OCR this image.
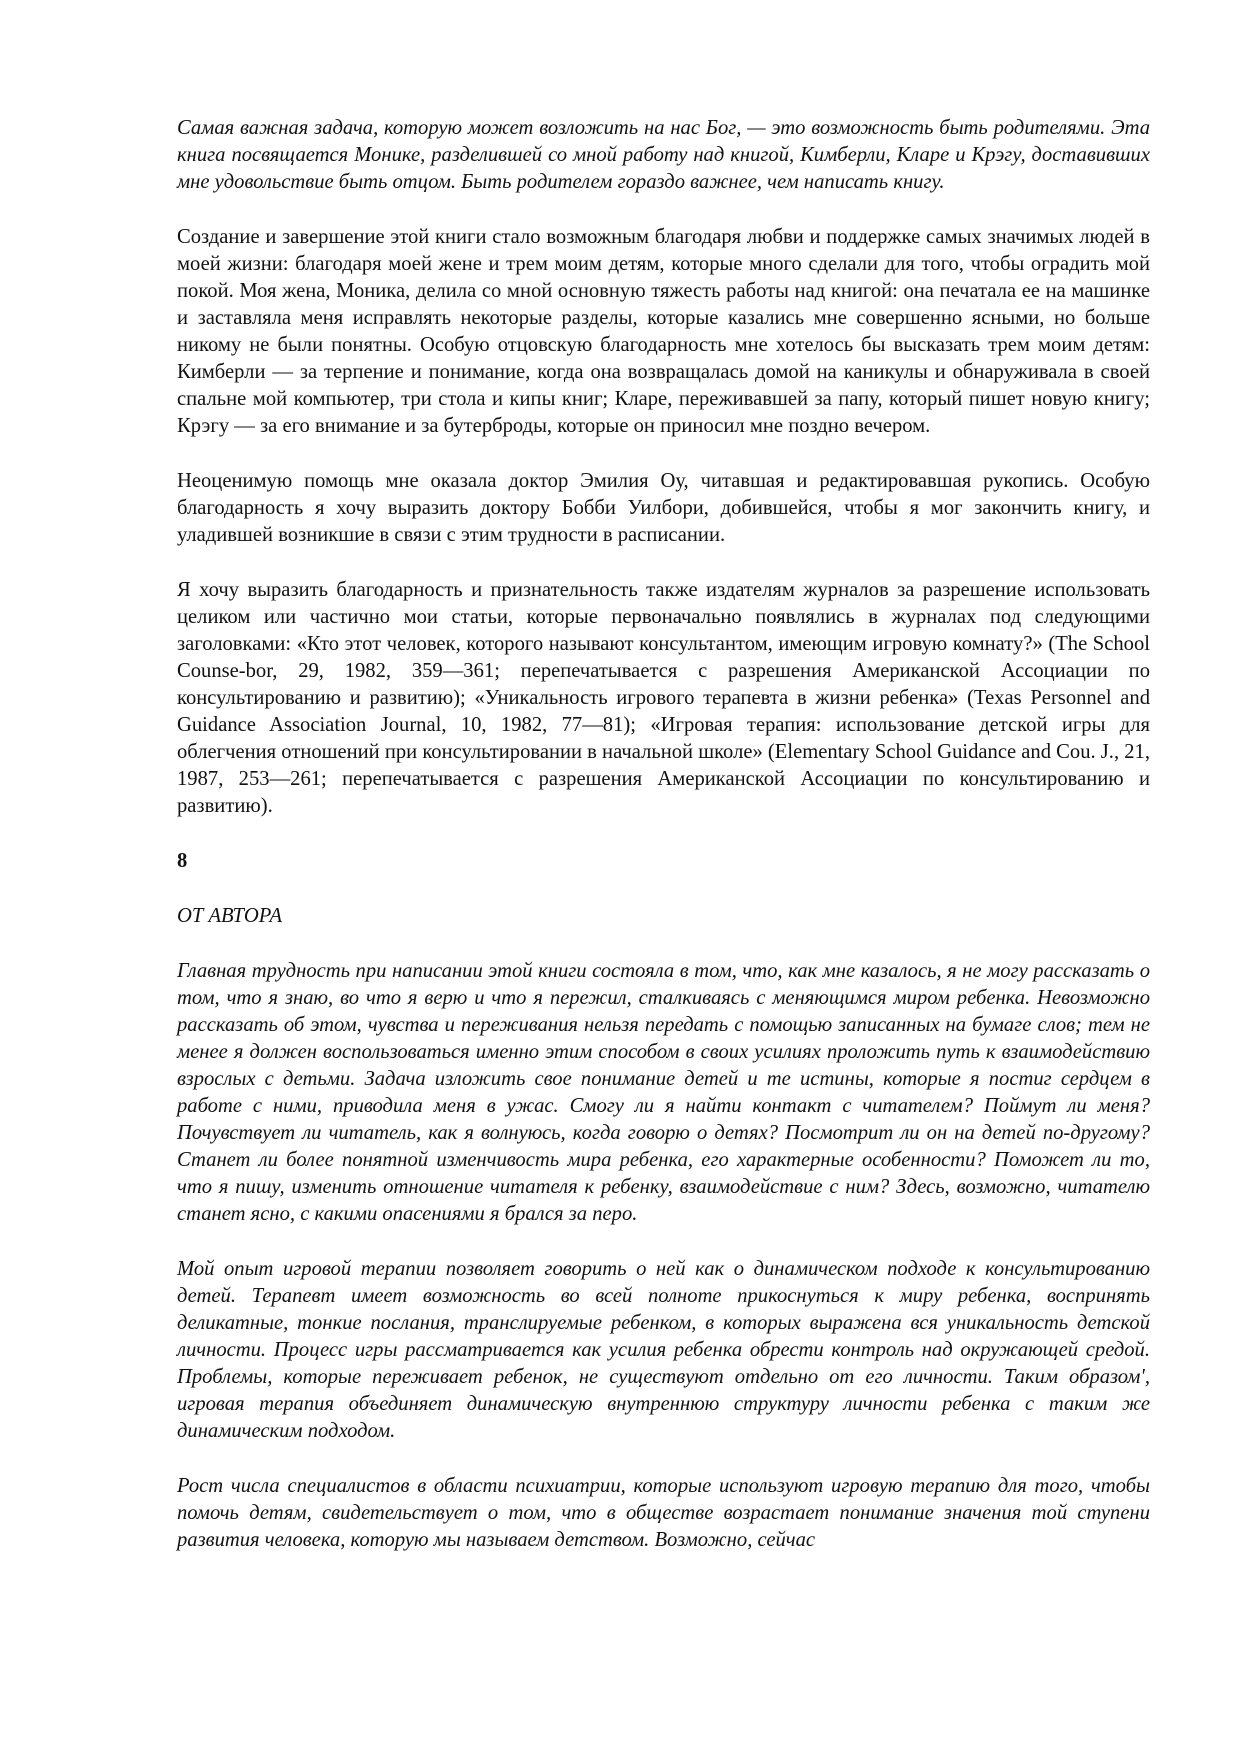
Самая важная задача, которую может возложить на нас Бог, — это возможность быть родителями. Эта книга посвящается Монике, разделившей со мной работу над книгой, Кимберли, Кларе и Крэгу, доставивших мне удовольствие быть отцом. Быть родителем гораздо важнее, чем написать книгу.

Создание и завершение этой книги стало возможным благодаря любви и поддержке самых значимых людей в моей жизни: благодаря моей жене и трем моим детям, которые много сделали для того, чтобы оградить мой покой. Моя жена, Моника, делила со мной основную тяжесть работы над книгой: она печатала ее на машинке и заставляла меня исправлять некоторые разделы, которые казались мне совершенно ясными, но больше никому не были понятны. Особую отцовскую благодарность мне хотелось бы высказать трем моим детям: Кимберли — за терпение и понимание, когда она возвращалась домой на каникулы и обнаруживала в своей спальне мой компьютер, три стола и кипы книг; Кларе, переживавшей за папу, который пишет новую книгу; Крэгу — за его внимание и за бутерброды, которые он приносил мне поздно вечером.

Неоценимую помощь мне оказала доктор Эмилия Оу, читавшая и редактировавшая рукопись. Особую благодарность я хочу выразить доктору Бобби Уилбори, добившейся, чтобы я мог закончить книгу, и уладившей возникшие в связи с этим трудности в расписании.

Я хочу выразить благодарность и признательность также издателям журналов за разрешение использовать целиком или частично мои статьи, которые первоначально появлялись в журналах под следующими заголовками: «Кто этот человек, которого называют консультантом, имеющим игровую комнату?» (The School Counse-bor, 29, 1982, 359—361; перепечатывается с разрешения Американской Ассоциации по консультированию и развитию); «Уникальность игрового терапевта в жизни ребенка» (Texas Personnel and Guidance Association Journal, 10, 1982, 77—81); «Игровая терапия: использование детской игры для облегчения отношений при консультировании в начальной школе» (Elementary School Guidance and Cou. J., 21, 1987, 253—261; перепечатывается с разрешения Американской Ассоциации по консультированию и развитию).

8

ОТ АВТОРА

Главная трудность при написании этой книги состояла в том, что, как мне казалось, я не могу рассказать о том, что я знаю, во что я верю и что я пережил, сталкиваясь с меняющимся миром ребенка. Невозможно рассказать об этом, чувства и переживания нельзя передать с помощью записанных на бумаге слов; тем не менее я должен воспользоваться именно этим способом в своих усилиях проложить путь к взаимодействию взрослых с детьми. Задача изложить свое понимание детей и те истины, которые я постиг сердцем в работе с ними, приводила меня в ужас. Смогу ли я найти контакт с читателем? Поймут ли меня? Почувствует ли читатель, как я волнуюсь, когда говорю о детях? Посмотрит ли он на детей по-другому? Станет ли более понятной изменчивость мира ребенка, его характерные особенности? Поможет ли то, что я пишу, изменить отношение читателя к ребенку, взаимодействие с ним? Здесь, возможно, читателю станет ясно, с какими опасениями я брался за перо.

Мой опыт игровой терапии позволяет говорить о ней как о динамическом подходе к консультированию детей. Терапевт имеет возможность во всей полноте прикоснуться к миру ребенка, воспринять деликатные, тонкие послания, транслируемые ребенком, в которых выражена вся уникальность детской личности. Процесс игры рассматривается как усилия ребенка обрести контроль над окружающей средой. Проблемы, которые переживает ребенок, не существуют отдельно от его личности. Таким образом', игровая терапия объединяет динамическую внутреннюю структуру личности ребенка с таким же динамическим подходом.

Рост числа специалистов в области психиатрии, которые используют игровую терапию для того, чтобы помочь детям, свидетельствует о том, что в обществе возрастает понимание значения той ступени развития человека, которую мы называем детством. Возможно, сейчас
